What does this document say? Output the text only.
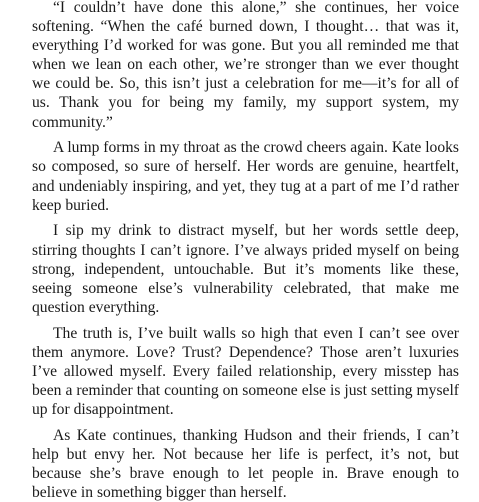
“I couldn’t have done this alone,” she continues, her voice softening. “When the café burned down, I thought… that was it, everything I’d worked for was gone. But you all reminded me that when we lean on each other, we’re stronger than we ever thought we could be. So, this isn’t just a celebration for me—it’s for all of us. Thank you for being my family, my support system, my community.”

A lump forms in my throat as the crowd cheers again. Kate looks so composed, so sure of herself. Her words are genuine, heartfelt, and undeniably inspiring, and yet, they tug at a part of me I’d rather keep buried.

I sip my drink to distract myself, but her words settle deep, stirring thoughts I can’t ignore. I’ve always prided myself on being strong, independent, untouchable. But it’s moments like these, seeing someone else’s vulnerability celebrated, that make me question everything.

The truth is, I’ve built walls so high that even I can’t see over them anymore. Love? Trust? Dependence? Those aren’t luxuries I’ve allowed myself. Every failed relationship, every misstep has been a reminder that counting on someone else is just setting myself up for disappointment.

As Kate continues, thanking Hudson and their friends, I can’t help but envy her. Not because her life is perfect, it’s not, but because she’s brave enough to let people in. Brave enough to believe in something bigger than herself.
